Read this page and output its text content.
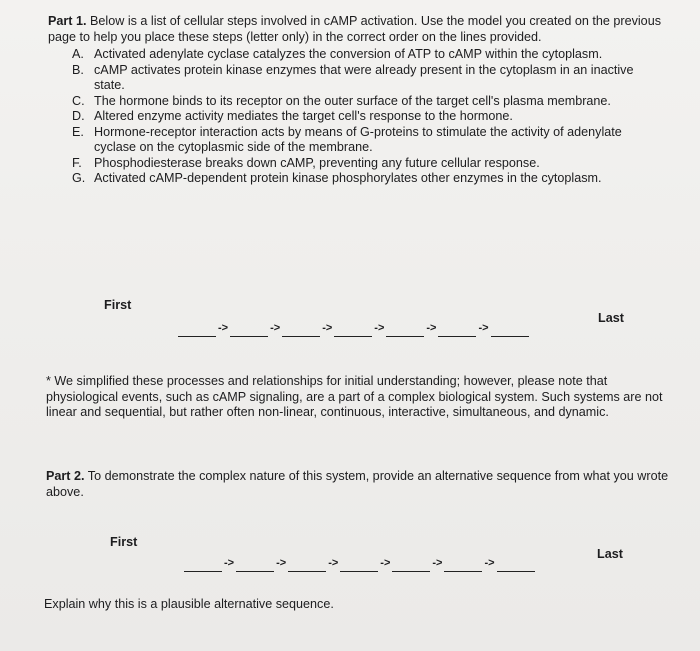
Part 1. Below is a list of cellular steps involved in cAMP activation. Use the model you created on the previous page to help you place these steps (letter only) in the correct order on the lines provided.

A. Activated adenylate cyclase catalyzes the conversion of ATP to cAMP within the cytoplasm.
B. cAMP activates protein kinase enzymes that were already present in the cytoplasm in an inactive state.
C. The hormone binds to its receptor on the outer surface of the target cell's plasma membrane.
D. Altered enzyme activity mediates the target cell's response to the hormone.
E. Hormone-receptor interaction acts by means of G-proteins to stimulate the activity of adenylate cyclase on the cytoplasmic side of the membrane.
F. Phosphodiesterase breaks down cAMP, preventing any future cellular response.
G. Activated cAMP-dependent protein kinase phosphorylates other enzymes in the cytoplasm.
First
Last
->	->	->	->	->	->

* We simplified these processes and relationships for initial understanding; however, please note that physiological events, such as cAMP signaling, are a part of a complex biological system. Such systems are not linear and sequential, but rather often non-linear, continuous, interactive, simultaneous, and dynamic.

Part 2. To demonstrate the complex nature of this system, provide an alternative sequence from what you wrote above.

First
Last
->	->	->	->	->	->

Explain why this is a plausible alternative sequence.
